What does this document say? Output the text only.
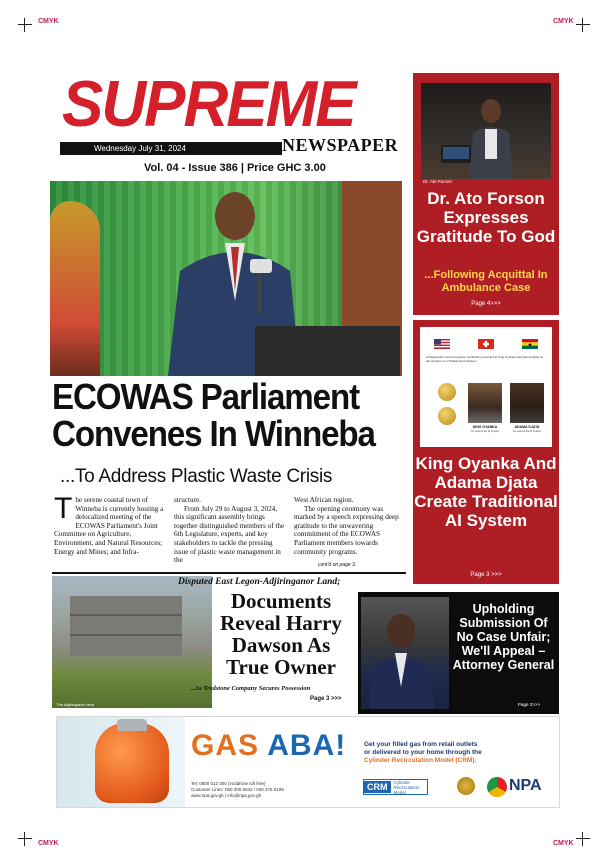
CMYK	CMYK
CMYK	CMYK
SUPREME
Wednesday July 31, 2024	NEWSPAPER
Vol. 04 - Issue 386 | Price GHC 3.00
Dr. Ato Forson
Dr. Ato Forson Expresses Gratitude To God
...Following Acquittal In Ambulance Case
Page 4>>>
A Registration and recognition certificate presented to King Oyanka and Adama Djata for the creation of a Traditional AI System.
KING OYANKA	ADAMA DJATA
Co-Lead of the AI System	Co-Lead of the AI System
King Oyanka And Adama Djata Create Traditional AI System
Page 3 >>>
ECOWAS Parliament Convenes In Winneba
...To Address Plastic Waste Crisis
The serene coastal town of Winneba is currently hosting a delocalized meeting of the ECOWAS Parliament's Joint Committee on Agriculture, Environment, and Natural Resources; Energy and Mines; and Infra-
structure.
From July 29 to August 3, 2024, this significant assembly brings together distinguished members of the 6th Legislature, experts, and key stakeholders to tackle the pressing issue of plastic waste management in the
West African region.
The opening ceremony was marked by a speech expressing deep gratitude to the unwavering commitment of the ECOWAS Parliament members towards community programs.
cont'd on page 3.
The Adjiringanor land
Disputed East Legon-Adjiringanor Land;
Documents Reveal Harry Dawson As True Owner
...As Tredstone Company Secures Possession
Page 3 >>>
Upholding Submission Of No Case Unfair; We'll Appeal – Attorney General
Page 3>>>
GAS ABA!	Get your filled gas from retail outlets
or delivered to your home through the
Cylinder Recirculation Model (CRM).
Tel: 0800 012 300 (vodafone toll free)
Customer Lines: 050 200 6532 / 030 276 6195
www.npa.gov.gh | info@npa.gov.gh
CRM	Cylinder Recirculation Model	NPA
